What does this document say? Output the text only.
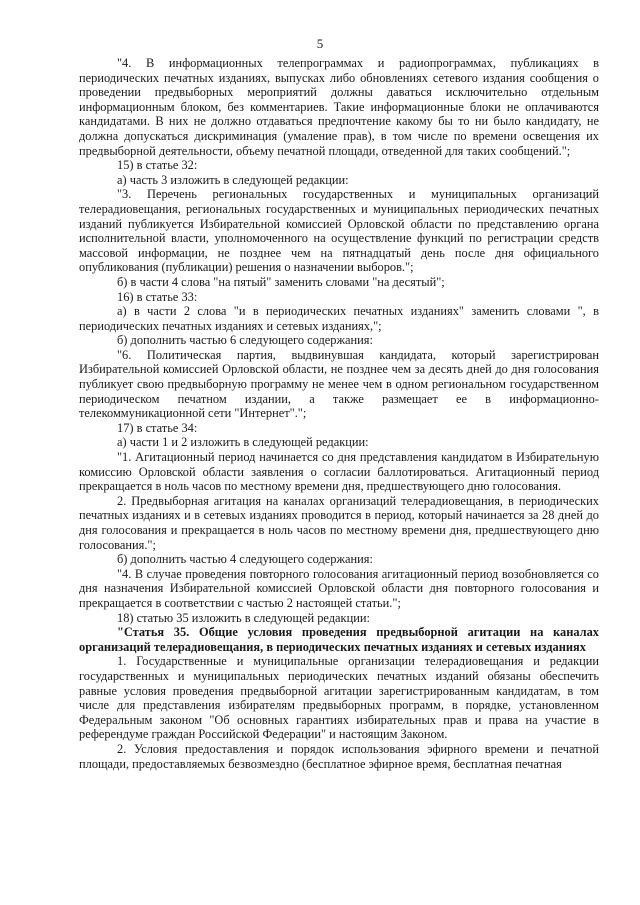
5

"4. В информационных телепрограммах и радиопрограммах, публикациях в периодических печатных изданиях, выпусках либо обновлениях сетевого издания сообщения о проведении предвыборных мероприятий должны даваться исключительно отдельным информационным блоком, без комментариев. Такие информационные блоки не оплачиваются кандидатами. В них не должно отдаваться предпочтение какому бы то ни было кандидату, не должна допускаться дискриминация (умаление прав), в том числе по времени освещения их предвыборной деятельности, объему печатной площади, отведенной для таких сообщений.";

15) в статье 32:

а) часть 3 изложить в следующей редакции:

"3. Перечень региональных государственных и муниципальных организаций телерадиовещания, региональных государственных и муниципальных периодических печатных изданий публикуется Избирательной комиссией Орловской области по представлению органа исполнительной власти, уполномоченного на осуществление функций по регистрации средств массовой информации, не позднее чем на пятнадцатый день после дня официального опубликования (публикации) решения о назначении выборов.";

б) в части 4 слова "на пятый" заменить словами "на десятый";

16) в статье 33:

а) в части 2 слова "и в периодических печатных изданиях" заменить словами ", в периодических печатных изданиях и сетевых изданиях,";

б) дополнить частью 6 следующего содержания:

"6. Политическая партия, выдвинувшая кандидата, который зарегистрирован Избирательной комиссией Орловской области, не позднее чем за десять дней до дня голосования публикует свою предвыборную программу не менее чем в одном региональном государственном периодическом печатном издании, а также размещает ее в информационно-телекоммуникационной сети "Интернет".";

17) в статье 34:

а) части 1 и 2 изложить в следующей редакции:

"1. Агитационный период начинается со дня представления кандидатом в Избирательную комиссию Орловской области заявления о согласии баллотироваться. Агитационный период прекращается в ноль часов по местному времени дня, предшествующего дню голосования.

2. Предвыборная агитация на каналах организаций телерадиовещания, в периодических печатных изданиях и в сетевых изданиях проводится в период, который начинается за 28 дней до дня голосования и прекращается в ноль часов по местному времени дня, предшествующего дню голосования.";

б) дополнить частью 4 следующего содержания:

"4. В случае проведения повторного голосования агитационный период возобновляется со дня назначения Избирательной комиссией Орловской области дня повторного голосования и прекращается в соответствии с частью 2 настоящей статьи.";

18) статью 35 изложить в следующей редакции:

"Статья 35. Общие условия проведения предвыборной агитации на каналах организаций телерадиовещания, в периодических печатных изданиях и сетевых изданиях

1. Государственные и муниципальные организации телерадиовещания и редакции государственных и муниципальных периодических печатных изданий обязаны обеспечить равные условия проведения предвыборной агитации зарегистрированным кандидатам, в том числе для представления избирателям предвыборных программ, в порядке, установленном Федеральным законом "Об основных гарантиях избирательных прав и права на участие в референдуме граждан Российской Федерации" и настоящим Законом.

2. Условия предоставления и порядок использования эфирного времени и печатной площади, предоставляемых безвозмездно (бесплатное эфирное время, бесплатная печатная
